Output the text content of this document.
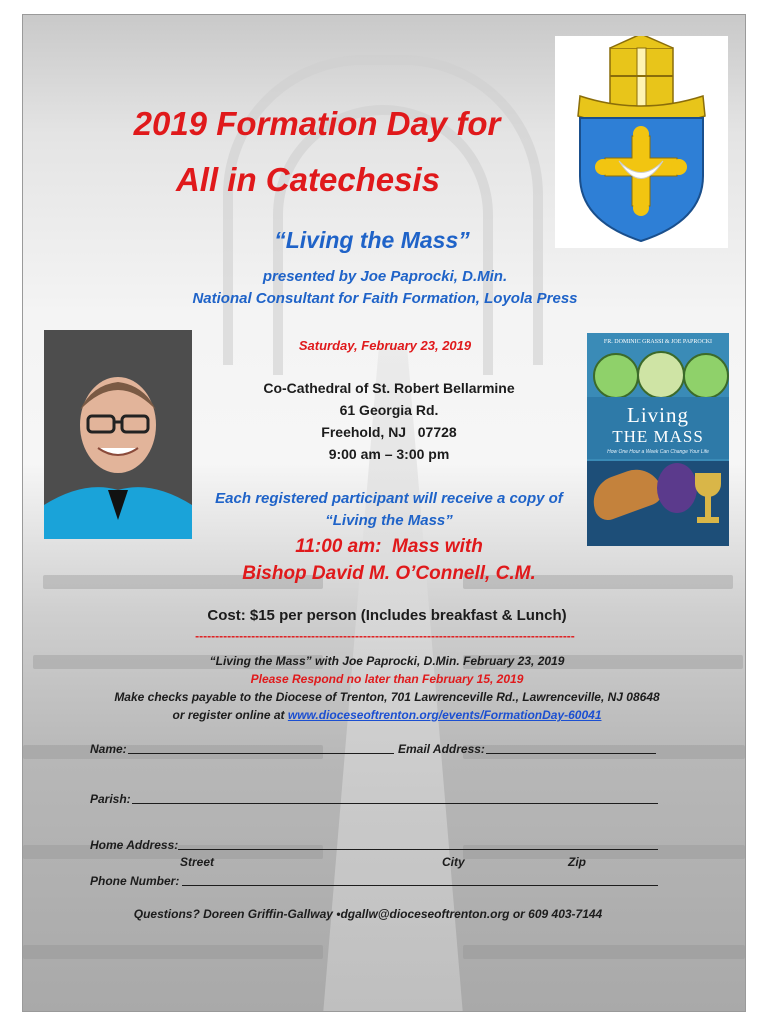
FR. DOMINIC GRASSI & JOE PAPROCKI
Living
THE MASS
How One Hour a Week Can Change Your Life

2019 Formation Day for

All in Catechesis

“Living the Mass”

presented by Joe Paprocki, D.Min.

National Consultant for Faith Formation, Loyola Press

Saturday, February 23, 2019

Co-Cathedral of St. Robert Bellarmine

61 Georgia Rd.

Freehold, NJ   07728

9:00 am – 3:00 pm

Each registered participant will receive a copy of

“Living the Mass”

11:00 am:  Mass with

Bishop David M. O’Connell, C.M.

Cost: $15 per person (Includes breakfast & Lunch)

-----------------------------------------------------------------------------------------------

“Living the Mass” with Joe Paprocki, D.Min. February 23, 2019

Please Respond no later than February 15, 2019

Make checks payable to the Diocese of Trenton, 701 Lawrenceville Rd., Lawrenceville, NJ 08648

or register online at www.dioceseoftrenton.org/events/FormationDay-60041

Name:	Email Address:
Parish:
Home Address:
Street	City	Zip
Phone Number:

Questions? Doreen Griffin-Gallway •dgallw@dioceseoftrenton.org or 609 403-7144
